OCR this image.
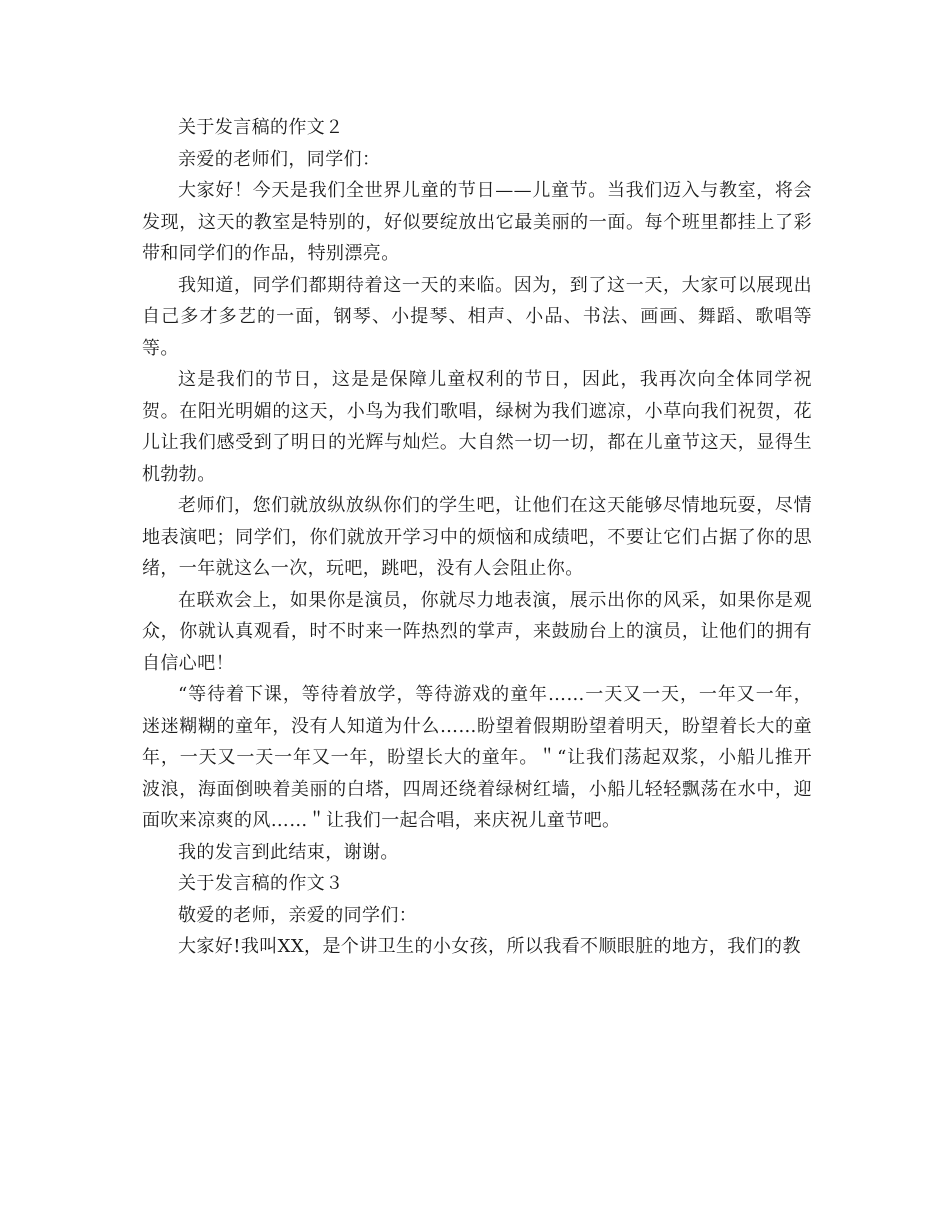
关于发言稿的作文２

亲爱的老师们，同学们：

大家好！今天是我们全世界儿童的节日——儿童节。当我们迈入与教室，将会发现，这天的教室是特别的，好似要绽放出它最美丽的一面。每个班里都挂上了彩带和同学们的作品，特别漂亮。

我知道，同学们都期待着这一天的来临。因为，到了这一天，大家可以展现出自己多才多艺的一面，钢琴、小提琴、相声、小品、书法、画画、舞蹈、歌唱等等。

这是我们的节日，这是是保障儿童权利的节日，因此，我再次向全体同学祝贺。在阳光明媚的这天，小鸟为我们歌唱，绿树为我们遮凉，小草向我们祝贺，花儿让我们感受到了明日的光辉与灿烂。大自然一切一切，都在儿童节这天，显得生机勃勃。

老师们，您们就放纵放纵你们的学生吧，让他们在这天能够尽情地玩耍，尽情地表演吧；同学们，你们就放开学习中的烦恼和成绩吧，不要让它们占据了你的思绪，一年就这么一次，玩吧，跳吧，没有人会阻止你。

在联欢会上，如果你是演员，你就尽力地表演，展示出你的风采，如果你是观众，你就认真观看，时不时来一阵热烈的掌声，来鼓励台上的演员，让他们的拥有自信心吧！

“等待着下课，等待着放学，等待游戏的童年……一天又一天，一年又一年，迷迷糊糊的童年，没有人知道为什么……盼望着假期盼望着明天，盼望着长大的童年，一天又一天一年又一年，盼望长大的童年。＂“让我们荡起双浆，小船儿推开波浪，海面倒映着美丽的白塔，四周还绕着绿树红墙，小船儿轻轻飘荡在水中，迎面吹来凉爽的风……＂让我们一起合唱，来庆祝儿童节吧。

我的发言到此结束，谢谢。

关于发言稿的作文３

敬爱的老师，亲爱的同学们：

大家好!我叫XX，是个讲卫生的小女孩，所以我看不顺眼脏的地方，我们的教
